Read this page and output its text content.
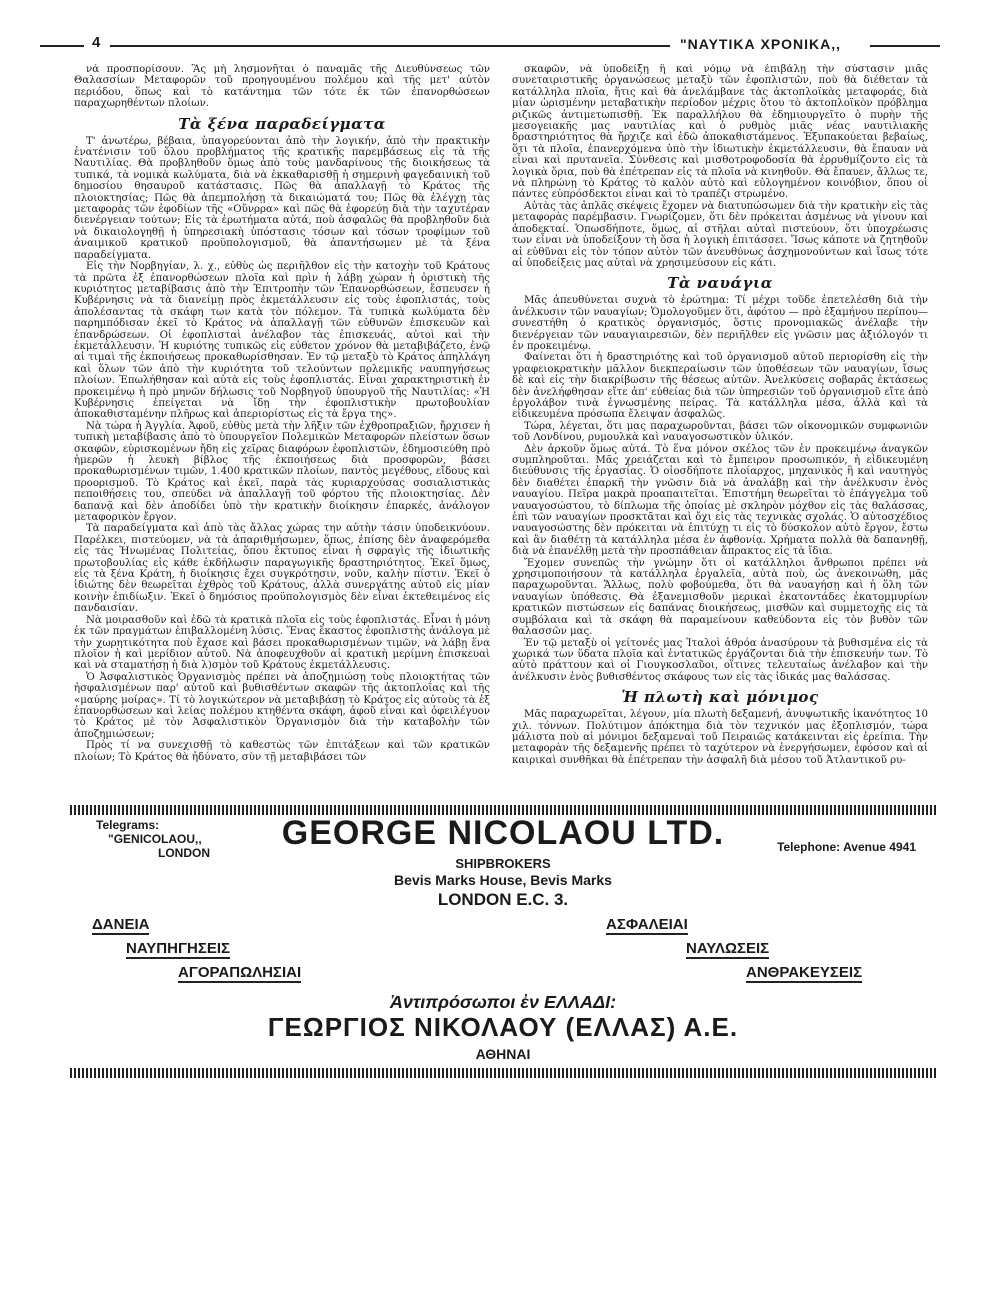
4	"ΝΑΥΤΙΚΑ ΧΡΟΝΙΚΑ,,

νά προσπορίσουν. Ἂς μὴ λησμονῆται ὁ παναμᾶς τῆς Διευθύνσεως τῶν Θαλασσίων Μεταφορῶν τοῦ προηγουμένου πολέμου καὶ τῆς μετ' αὐτὸν περιόδου, ὅπως καὶ τὸ κατάντημα τῶν τότε ἐκ τῶν ἐπανορθώσεων παραχωρηθέντων πλοίων.

Τὰ ξένα παραδείγματα

Τ' ἀνωτέρω, βέβαια, ὑπαγορεύονται ἀπὸ τὴν λογικήν, ἀπὸ τὴν πρακτικὴν ἐνατένισιν τοῦ ὅλου προβλήματος τῆς κρατικῆς παρεμβάσεως εἰς τὰ τῆς Ναυτιλίας. Θὰ προβληθοῦν ὅμως ἀπὸ τοὺς μανδαρίνους τῆς διοικήσεως τὰ τυπικά, τὰ νομικὰ κωλύματα, διὰ νὰ ἐκκαθαρισθῇ ἡ σημερινὴ φαγεδαινικὴ τοῦ δημοσίου θησαυροῦ κατάστασις. Πῶς θὰ ἀπαλλαγῇ τὸ Κράτος τῆς πλοιοκτησίας; Πῶς θὰ ἀπεμπολήσῃ τὰ δικαιώματά του; Πῶς θὰ ἐλέγχῃ τὰς μεταφορὰς τῶν ἐφοδίων τῆς «Οὔνρρα» καὶ πῶς θὰ ἐφορεύῃ διὰ τὴν ταχυτέραν διενέργειαν τούτων; Εἰς τὰ ἐρωτήματα αὐτά, ποὺ ἀσφαλῶς θὰ προβληθοῦν διὰ νὰ δικαιολογηθῇ ἡ ὑπηρεσιακὴ ὑπόστασις τόσων καὶ τόσων τροφίμων τοῦ ἀναιμικοῦ κρατικοῦ προϋπολογισμοῦ, θὰ ἀπαντήσωμεν μὲ τὰ ξένα παραδείγματα.

Εἰς τὴν Νορβηγίαν, λ. χ., εὐθὺς ὡς περιῆλθον εἰς τὴν κατοχὴν τοῦ Κράτους τὰ πρῶτα ἐξ ἐπανορθώσεων πλοῖα καὶ πρὶν ἡ λάβῃ χώραν ἡ ὁριστικὴ τῆς κυριότητος μεταβίβασις ἀπὸ τὴν Ἐπιτροπὴν τῶν Ἐπανορθώσεων, ἔσπευσεν ἡ Κυβέρνησις νὰ τὰ διανείμῃ πρὸς ἐκμετάλλευσιν εἰς τοὺς ἐφοπλιστάς, τοὺς ἀπολέσαντας τὰ σκάφη των κατὰ τὸν πόλεμον. Τὰ τυπικὰ κωλύματα δὲν παρημπόδισαν ἐκεῖ τὸ Κράτος νὰ ἀπαλλαγῇ τῶν εὐθυνῶν ἐπισκευῶν καὶ ἐπανδρώσεων. Οἱ ἐφοπλισταὶ ἀνέλαβον τὰς ἐπισκευάς, αὐτοὶ καὶ τὴν ἐκμετάλλευσιν. Ἡ κυριότης τυπικῶς εἰς εὐθετον χρόνον θὰ μεταβιβάζετο, ἐνῷ αἱ τιμαὶ τῆς ἐκποιήσεως προκαθωρίσθησαν. Ἐν τῷ μεταξὺ τὸ Κράτος ἀπηλλάγη καὶ ὅλων τῶν ἀπὸ τὴν κυριότητα τοῦ τελούντων πολεμικῆς ναυπηγήσεως πλοίων. Ἐπωλήθησαν καὶ αὐτὰ εἰς τοὺς ἐφοπλιστάς. Εἶναι χαρακτηριστικὴ ἐν προκειμένῳ ἡ πρὸ μηνῶν δήλωσις τοῦ Νορβηγοῦ ὑπουργοῦ τῆς Ναυτιλίας: «Ἡ Κυβέρνησις ἐπείγεται νὰ ἴδῃ τὴν ἐφοπλιστικὴν πρωτοβουλίαν ἀποκαθισταμένην πλῆρως καὶ ἀπεριορίστως εἰς τὰ ἔργα της».

Νὰ τώρα ἡ Ἀγγλία. Ἀφοῦ, εὐθὺς μετὰ τὴν λῆξιν τῶν ἐχθροπραξιῶν, ἤρχισεν ἡ τυπικὴ μεταβίβασις ἀπὸ τὸ ὑπουργεῖον Πολεμικῶν Μεταφορῶν πλείστων ὅσων σκαφῶν, εὑρισκομένων ἤδη εἰς χεῖρας διαφόρων ἐφοπλιστῶν, ἐδημοσιεύθη πρὸ ἡμερῶν ἡ λευκὴ βίβλος τῆς ἐκποιήσεως διὰ προσφορῶν, βάσει προκαθωρισμένων τιμῶν, 1.400 κρατικῶν πλοίων, παντὸς μεγέθους, εἴδους καὶ προορισμοῦ. Τὸ Κράτος καὶ ἐκεῖ, παρὰ τὰς κυριαρχούσας σοσιαλιστικὰς πεποιθήσεις του, σπεύδει νὰ ἀπαλλαγῇ τοῦ φόρτου τῆς πλοιοκτησίας. Δὲν δαπανᾷ καὶ δὲν ἀποδίδει ὑπὸ τὴν κρατικὴν διοίκησιν ἐπαρκές, ἀνάλογον μεταφορικὸν ἔργον.

Τὰ παραδείγματα καὶ ἀπὸ τὰς ἄλλας χώρας την αὐτὴν τάσιν ὑποδεικνύουν. Παρέλκει, πιστεύομεν, νὰ τὰ ἀπαριθμήσωμεν, ὅπως, ἐπίσης δὲν ἀναφερόμεθα εἰς τὰς Ἡνωμένας Πολιτείας, ὅπου ἔκτυπος εἶναι ἡ σφραγὶς τῆς ἰδιωτικῆς πρωτοβουλίας εἰς κάθε ἐκδήλωσιν παραγωγικῆς δραστηριότητος. Ἐκεῖ ὅμως, εἰς τὰ ξένα Κράτη, ἡ διοίκησις ἔχει συγκρότησιν, νοῦν, καλὴν πίστιν. Ἐκεῖ ὁ ἰδιώτης δὲν θεωρεῖται ἐχθρὸς τοῦ Κράτους, ἀλλὰ συνεργάτης αὐτοῦ εἰς μίαν κοινὴν ἐπιδίωξιν. Ἐκεῖ ὁ δημόσιος προϋπολογισμὸς δὲν εἶναι ἐκτεθειμένος εἰς πανδαισίαν.

Νὰ μοιρασθοῦν καὶ ἐδῶ τὰ κρατικὰ πλοῖα εἰς τοὺς ἐφοπλιστάς. Εἶναι ἡ μόνη ἐκ τῶν πραγμάτων ἐπιβαλλομένη λύσις. Ἕνας ἕκαστος ἐφοπλιστὴς ἀνάλογα μὲ τὴν χωρητικότητα ποὺ ἔχασε καὶ βάσει προκαθωρισμένων τιμῶν, νὰ λάβῃ ἕνα πλοῖον ἡ καὶ μερίδιον αὐτοῦ. Νὰ ἀποφευχθοῦν αἱ κρατικὴ μερίμνη ἐπισκευαὶ καὶ νὰ σταματήσῃ ἡ διὰ λ)σμὸν τοῦ Κράτους ἐκμετάλλευσις.

Ὁ Ἀσφαλιστικὸς Ὀργανισμὸς πρέπει νὰ ἀποζημιώσῃ τοὺς πλοιοκτήτας τῶν ἠσφαλισμένων παρ' αὐτοῦ καὶ βυθισθέντων σκαφῶν τῆς ἀκτοπλοΐας καὶ τῆς «μαύρης μοίρας». Τί τὸ λογικώτερον νὰ μεταβιβάσῃ τὸ Κράτος εἰς αὐτοὺς τὰ ἐξ ἐπανορθώσεων καὶ λείας πολέμου κτηθέντα σκάφη, ἀφοῦ εἶναι καὶ ὀφειλέγυον τὸ Κράτος μὲ τὸν Ἀσφαλιστικὸν Ὀργανισμὸν διὰ τὴν καταβολὴν τῶν ἀποζημιώσεων;

Πρὸς τί να συνεχισθῇ τὸ καθεστὼς τῶν ἐπιτάξεων καὶ τῶν κρατικῶν πλοίων; Τὸ Κράτος θὰ ἠδύνατο, σὺν τῇ μεταβιβάσει τῶν

σκαφῶν, νὰ ὑποδείξῃ ἢ καὶ νόμῳ νὰ ἐπιβάλῃ τὴν σύστασιν μιᾶς συνεταιριστικῆς ὀργανώσεως μεταξὺ τῶν ἐφοπλιστῶν, ποὺ θὰ διέθεταν τὰ κατάλληλα πλοῖα, ἥτις καὶ θὰ ἀνελάμβανε τὰς ἀκτοπλοϊκὰς μεταφοράς, διὰ μίαν ὡρισμένην μεταβατικὴν περίοδον μέχρις ὅτου τὸ ἀκτοπλοϊκὸν πρόβλημα ριζικῶς ἀντιμετωπισθῇ. Ἐκ παραλλήλου θὰ ἐδημιουργεῖτο ὁ πυρὴν τῆς μεσογειακῆς μας ναυτιλίας καὶ ὁ ρυθμὸς μιᾶς νέας ναυτιλιακῆς δραστηριότητος θὰ ἤρχιζε καὶ ἐδῶ ἀποκαθιστάμενος. Ἐξυπακούεται βεβαίως, ὅτι τὰ πλοῖα, ἐπανερχόμενα ὑπὸ τὴν ἰδιωτικὴν ἐκμετάλλευσιν, θὰ ἔπαυαν νὰ εἶναι καὶ πρυτανεῖα. Σύνθεσις καὶ μισθοτροφοδοσία θὰ ἐρρυθμίζοντο εἰς τὰ λογικὰ ὅρια, ποὺ θὰ ἐπέτρεπαν εἰς τὰ πλοῖα νὰ κινηθοῦν. Θὰ ἔπαυεν, ἄλλως τε, νὰ πληρώνῃ τὸ Κράτος τὸ καλὸν αὐτὸ καὶ εὐλογημένον κοινόβιον, ὅπου οἱ πάντες εὐπρόσδεκτοι εἶναι καὶ τὸ τραπέζι στρωμένο.

Αὐτὰς τὰς ἁπλᾶς σκέψεις ἔχομεν νὰ διατυπώσωμεν διὰ τὴν κρατικὴν εἰς τὰς μεταφορὰς παρέμβασιν. Γνωρίζομεν, ὅτι δὲν πρόκειται ἀσμένως νὰ γίνουν καὶ ἀποδεκταί. Ὁπωσδήποτε, ὅμως, αἱ στῆλαι αὐταὶ πιστεύουν, ὅτι ὑποχρέωσις των εἶναι νὰ ὑποδείξουν τὴ ὅσα ἡ λογικὴ ἐπιτάσσει. Ἴσως κάποτε νὰ ζητηθοῦν αἱ εὐθῦναι εἰς τὸν τόπον αὐτὸν τῶν ἀνευθύνως ἀσχημονούντων καὶ ἴσως τότε αἱ ὑποδείξεις μας αὐταὶ νὰ χρησιμεύσουν εἰς κάτι.

Τὰ ναυάγια

Μᾶς ἀπευθύνεται συχνὰ τὸ ἐρώτημα: Τί μέχρι τοῦδε ἐπετελέσθη διὰ τὴν ἀνέλκυσιν τῶν ναυαγίων; Ὁμολογοῦμεν ὅτι, ἀφότου — πρὸ ἑξαμήνου περίπου— συνεστήθη ὁ κρατικὸς ὀργανισμός, ὅστις προνομιακῶς ἀνέλαβε τὴν διενέργειαν τῶν ναυαγιαιρεσιῶν, δὲν περιῆλθεν εἰς γνῶσιν μας ἀξιόλογόν τι ἐν προκειμένῳ.

Φαίνεται ὅτι ἡ δραστηριότης καὶ τοῦ ὀργανισμοῦ αὐτοῦ περιορίσθη εἰς τὴν γραφειοκρατικὴν μᾶλλον διεκπεραίωσιν τῶν ὑποθέσεων τῶν ναυαγίων, ἴσως δὲ καὶ εἰς τὴν διακρίβωσιν τῆς θέσεως αὐτῶν. Ἀνελκύσεις σοβαρᾶς ἐκτάσεως δὲν ἀνελήφθησαν εἴτε ἀπ' εὐθείας διὰ τῶν ὑπηρεσιῶν τοῦ ὀργανισμοῦ εἴτε ἀπὸ ἐργολάβον τινὰ ἐγνωσμένης πείρας. Τὰ κατάλληλα μέσα, ἀλλὰ καὶ τὰ εἰδικευμένα πρόσωπα ἔλειψαν ἀσφαλῶς.

Τώρα, λέγεται, ὅτι μας παραχωροῦνται, βάσει τῶν οἰκονομικῶν συμφωνιῶν τοῦ Λονδίνου, ρυμουλκὰ καὶ ναυαγοσωστικὸν ὑλικόν.

Δὲν ἀρκοῦν ὅμως αὐτά. Τὸ ἕνα μόνον σκέλος τῶν ἐν προκειμένῳ ἀναγκῶν συμπληροῦται. Μᾶς χρειάζεται καὶ τὸ ἔμπειρον προσωπικόν, ἡ εἰδικευμένη διεύθυνσις τῆς ἐργασίας. Ὁ οἱοσδήποτε πλοίαρχος, μηχανικὸς ἢ καὶ ναυτηγὸς δὲν διαθέτει ἐπαρκῆ τὴν γνῶσιν διὰ νὰ ἀναλάβῃ καὶ τὴν ἀνέλκυσιν ἑνὸς ναυαγίου. Πεῖρα μακρὰ προαπαιτεῖται. Ἐπιστήμη θεωρεῖται τὸ ἐπάγγελμα τοῦ ναυαγοσώστου, τὸ δίπλωμα τῆς ὁποίας μὲ σκληρὸν μόχθον εἰς τὰς θαλάσσας, ἐπὶ τῶν ναυαγίων προσκτᾶται καὶ ὄχι εἰς τὰς τεχνικὰς σχολάς. Ὁ αὐτοσχέδιος ναυαγοσώστης δὲν πρόκειται νὰ ἐπιτύχῃ τι εἰς τὸ δύσκολον αὐτὸ ἔργον, ἔστω καὶ ἂν διαθέτῃ τὰ κατάλληλα μέσα ἐν ἀφθονίᾳ. Χρήματα πολλὰ θὰ δαπανηθῇ, διὰ νὰ ἐπανέλθῃ μετὰ τὴν προσπάθειαν ἄπρακτος εἰς τὰ ἴδια.

Ἔχομεν συνεπῶς τὴν γνώμην ὅτι οἱ κατάλληλοι ἄνθρωποι πρέπει νὰ χρησιμοποιήσουν τὰ κατάλληλα ἐργαλεῖα, αὐτὰ ποὺ, ὡς ἀνεκοινώθη, μᾶς παραχωροῦνται. Ἄλλως, πολὺ φοβούμεθα, ὅτι θὰ ναυαγήσῃ καὶ ἡ ὅλη τῶν ναυαγίων ὑπόθεσις. Θὰ ἐξανεμισθοῦν μερικαὶ ἑκατοντάδες ἑκατομμυρίων κρατικῶν πιστώσεων εἰς δαπάνας διοικήσεως, μισθῶν καὶ συμμετοχῆς εἰς τὰ συμβόλαια καὶ τὰ σκάφη θὰ παραμείνουν καθεύδοντα εἰς τὸν βυθὸν τῶν θαλασσῶν μας.

Ἐν τῷ μεταξὺ οἱ γείτονές μας Ἰταλοὶ ἀθρόα ἀνασύρουν τὰ βυθισμένα εἰς τὰ χωρικά των ὕδατα πλοῖα καὶ ἐντατικῶς ἐργάζονται διὰ τὴν ἐπισκευήν των. Τὸ αὐτὸ πράττουν καὶ οἱ Γιουγκοσλαῦοι, οἵτινες τελευταίως ἀνέλαβον καὶ τὴν ἀνέλκυσιν ἑνὸς βυθισθέντος σκάφους των εἰς τὰς ἰδικάς μας θαλάσσας.

Ἡ πλωτὴ καὶ μόνιμος

Μᾶς παραχωρεῖται, λέγουν, μία πλωτὴ δεξαμενή, ἀνυψωτικῆς ἱκανότητος 10 χιλ. τόννων. Πολύτιμον ἀπόκτημα διὰ τὸν τεχνικόν μας ἐξοπλισμόν, τώρα μάλιστα ποὺ αἱ μόνιμοι δεξαμεναὶ τοῦ Πειραιῶς κατάκεινται εἰς ἐρείπια. Τὴν μεταφορὰν τῆς δεξαμενῆς πρέπει τὸ ταχύτερον νὰ ἐνεργήσωμεν, ἐφόσον καὶ αἱ καιρικαὶ συνθῆκαι θὰ ἐπέτρεπαν τὴν ἀσφαλῆ διὰ μέσου τοῦ Ἀτλαντικοῦ ρυ-

Telegrams:
"GENICOLAOU,,
LONDON
GEORGE NICOLAOU LTD.	Telephone: Avenue 4941
SHIPBROKERS
Bevis Marks House, Bevis Marks
LONDON E.C. 3.
ΔΑΝΕΙΑ	ΑΣΦΑΛΕΙΑΙ
ΝΑΥΠΗΓΗΣΕΙΣ	ΝΑΥΛΩΣΕΙΣ
ΑΓΟΡΑΠΩΛΗΣΙΑΙ	ΑΝΘΡΑΚΕΥΣΕΙΣ
Ἀντιπρόσωποι ἐν ΕΛΛΑΔΙ:
ΓΕΩΡΓΙΟΣ ΝΙΚΟΛΑΟΥ (ΕΛΛΑΣ) Α.Ε.
ΑΘΗΝΑΙ
